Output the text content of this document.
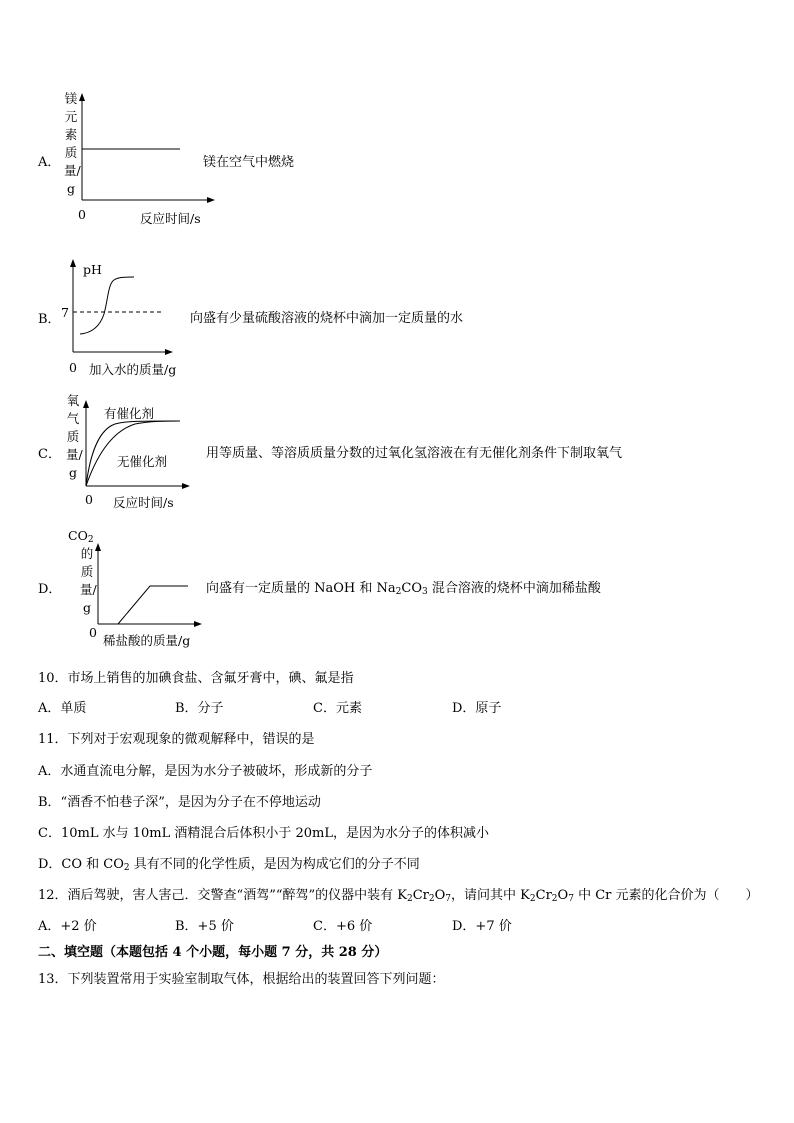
A．
镁元素质量/g
0	反应时间/s
镁在空气中燃烧
B．
pH
7
0 加入水的质量/g
向盛有少量硫酸溶液的烧杯中滴加一定质量的水
C．
氧气质量/g
有催化剂
无催化剂
0 反应时间/s
用等质量、等溶质质量分数的过氧化氢溶液在有无催化剂条件下制取氧气
D．
$CO_2$
的质量/g
0
稀盐酸的质量/g
向盛有一定质量的 NaOH 和 $Na_2CO_3$ 混合溶液的烧杯中滴加稀盐酸
10．市场上销售的加碘食盐、含氟牙膏中，碘、氟是指
A．单质	B．分子	C．元素	D．原子
11．下列对于宏观现象的微观解释中，错误的是
A．水通直流电分解，是因为水分子被破坏，形成新的分子
B．“酒香不怕巷子深”，是因为分子在不停地运动
C．10mL 水与 10mL 酒精混合后体积小于 20mL，是因为水分子的体积减小
D．CO 和 $CO_2$ 具有不同的化学性质，是因为构成它们的分子不同
12．酒后驾驶，害人害己．交警查“酒驾”“醉驾”的仪器中装有 $K_2Cr_2O_7$，请问其中 $K_2Cr_2O_7$ 中 Cr 元素的化合价为（　　）
A．+2 价	B．+5 价	C．+6 价	D．+7 价
二、填空题（本题包括 4 个小题，每小题 7 分，共 28 分）
13．下列装置常用于实验室制取气体，根据给出的装置回答下列问题：
